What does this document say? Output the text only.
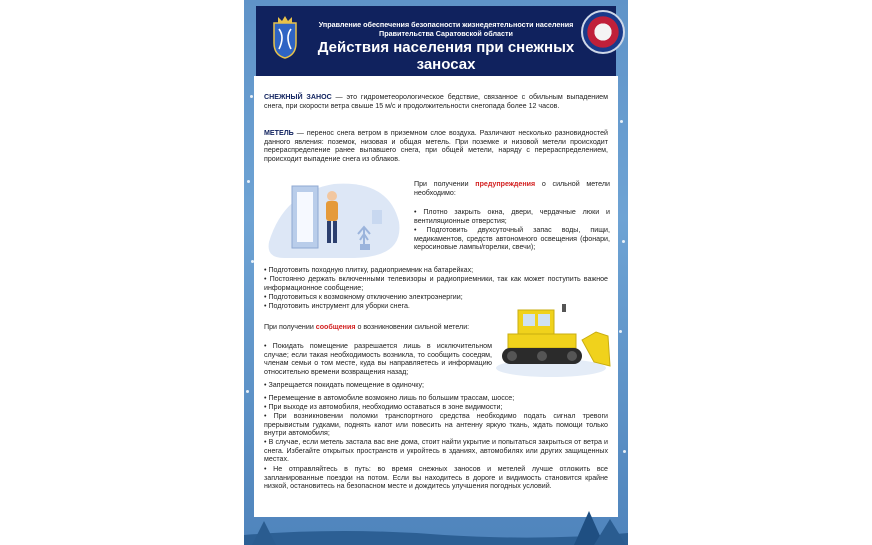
Управление обеспечения безопасности жизнедеятельности населения
Правительства Саратовской области
Действия населения при снежных
заносах
СНЕЖНЫЙ ЗАНОС — это гидрометеорологическое бедствие, связанное с обильным выпадением снега, при скорости ветра свыше 15 м/с и продолжительности снегопада более 12 часов.
МЕТЕЛЬ — перенос снега ветром в приземном слое воздуха. Различают несколько разновидностей данного явления: поземок, низовая и общая метель. При поземке и низовой метели происходит перераспределение ранее выпавшего снега, при общей метели, наряду с перераспределением, происходит выпадение снега из облаков.
При получении предупреждения о сильной метели необходимо:
• Плотно закрыть окна, двери, чердачные люки и вентиляционные отверстия;
• Подготовить двухсуточный запас воды, пищи, медикаментов, средств автономного освещения (фонари, керосиновые лампы/горелки, свечи);
• Подготовить походную плитку, радиоприемник на батарейках;
• Постоянно держать включенными телевизоры и радиоприемники, так как может поступить важное информационное сообщение;
• Подготовиться к возможному отключению электроэнергии;
• Подготовить инструмент для уборки снега.
При получении сообщения о возникновении сильной метели:
• Покидать помещение разрешается лишь в исключительном случае; если такая необходимость возникла, то сообщить соседям, членам семьи о том месте, куда вы направляетесь и информацию относительно времени возвращения назад;
• Запрещается покидать помещение в одиночку;
• Перемещение в автомобиле возможно лишь по большим трассам, шоссе;
• При выходе из автомобиля, необходимо оставаться в зоне видимости;
• При возникновении поломки транспортного средства необходимо подать сигнал тревоги прерывистым гудками, поднять капот или повесить на антенну яркую ткань, ждать помощи только внутри автомобиля;
• В случае, если метель застала вас вне дома, стоит найти укрытие и попытаться закрыться от ветра и снега. Избегайте открытых пространств и укройтесь в зданиях, автомобилях или других защищенных местах.
• Не отправляйтесь в путь: во время снежных заносов и метелей лучше отложить все запланированные поездки на потом. Если вы находитесь в дороге и видимость становится крайне низкой, остановитесь на безопасном месте и дождитесь улучшения погодных условий.
